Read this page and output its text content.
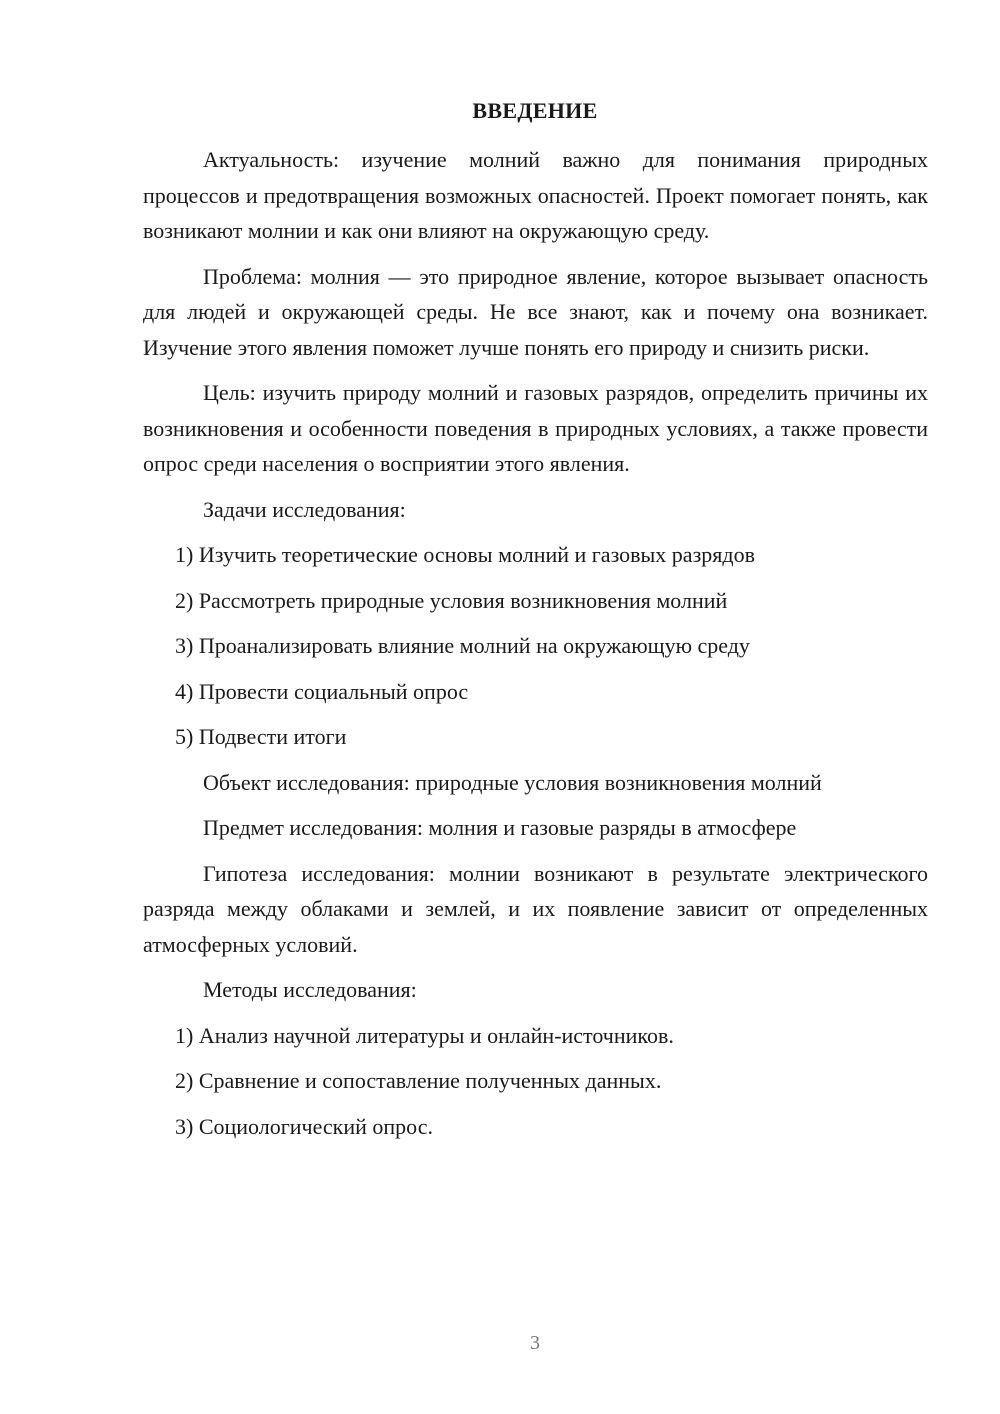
ВВЕДЕНИЕ

Актуальность: изучение молний важно для понимания природных процессов и предотвращения возможных опасностей. Проект помогает понять, как возникают молнии и как они влияют на окружающую среду.

Проблема: молния — это природное явление, которое вызывает опасность для людей и окружающей среды. Не все знают, как и почему она возникает. Изучение этого явления поможет лучше понять его природу и снизить риски.

Цель: изучить природу молний и газовых разрядов, определить причины их возникновения и особенности поведения в природных условиях, а также провести опрос среди населения о восприятии этого явления.

Задачи исследования:

1) Изучить теоретические основы молний и газовых разрядов

2) Рассмотреть природные условия возникновения молний

3) Проанализировать влияние молний на окружающую среду

4) Провести социальный опрос

5) Подвести итоги

Объект исследования: природные условия возникновения молний

Предмет исследования: молния и газовые разряды в атмосфере

Гипотеза исследования: молнии возникают в результате электрического разряда между облаками и землей, и их появление зависит от определенных атмосферных условий.

Методы исследования:

1) Анализ научной литературы и онлайн-источников.

2) Сравнение и сопоставление полученных данных.

3) Социологический опрос.

3
